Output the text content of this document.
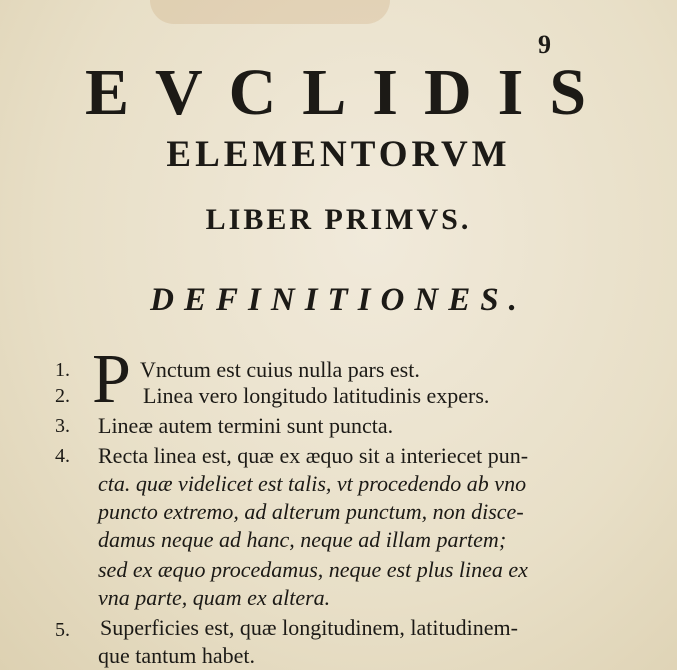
9
EVCLIDIS
ELEMENTORVM
LIBER PRIMVS.
DEFINITIONES.
1. P Vnctum est cuius nulla pars est.
2.	Linea vero longitudo latitudinis expers.
3.	Lineæ autem termini sunt puncta.
4.	Recta linea est, quæ ex æquo sit a interiecet pun-
cta. quæ videlicet est talis, vt procedendo ab vno
puncto extremo, ad alterum punctum, non disce-
damus neque ad hanc, neque ad illam partem;
sed ex æquo procedamus, neque est plus linea ex
vna parte, quam ex altera.
5.	Superficies est, quæ longitudinem, latitudinem-
que tantum habet.
